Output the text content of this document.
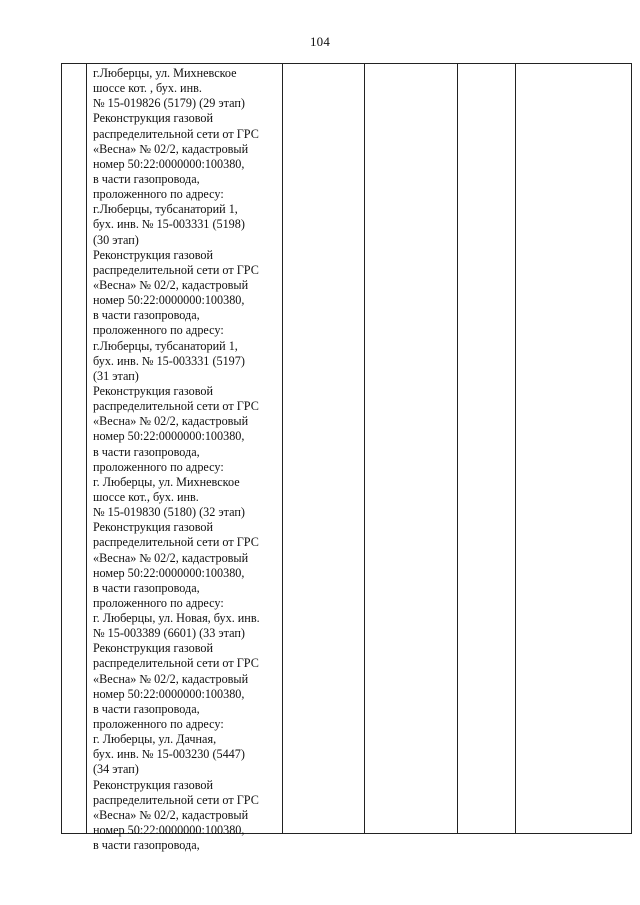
104
г.Люберцы, ул. Михневское
шоссе кот. , бух. инв.
№ 15-019826 (5179) (29 этап)
Реконструкция газовой
распределительной сети от ГРС
«Весна» № 02/2, кадастровый
номер 50:22:0000000:100380,
в части газопровода,
проложенного по адресу:
г.Люберцы, тубсанаторий 1,
бух. инв. № 15-003331 (5198)
(30 этап)
Реконструкция газовой
распределительной сети от ГРС
«Весна» № 02/2, кадастровый
номер 50:22:0000000:100380,
в части газопровода,
проложенного по адресу:
г.Люберцы, тубсанаторий 1,
бух. инв. № 15-003331 (5197)
(31 этап)
Реконструкция газовой
распределительной сети от ГРС
«Весна» № 02/2, кадастровый
номер 50:22:0000000:100380,
в части газопровода,
проложенного по адресу:
г. Люберцы, ул. Михневское
шоссе кот., бух. инв.
№ 15-019830 (5180) (32 этап)
Реконструкция газовой
распределительной сети от ГРС
«Весна» № 02/2, кадастровый
номер 50:22:0000000:100380,
в части газопровода,
проложенного по адресу:
г. Люберцы, ул. Новая, бух. инв.
№ 15-003389 (6601) (33 этап)
Реконструкция газовой
распределительной сети от ГРС
«Весна» № 02/2, кадастровый
номер 50:22:0000000:100380,
в части газопровода,
проложенного по адресу:
г. Люберцы, ул. Дачная,
бух. инв. № 15-003230 (5447)
(34 этап)
Реконструкция газовой
распределительной сети от ГРС
«Весна» № 02/2, кадастровый
номер 50:22:0000000:100380,
в части газопровода,
